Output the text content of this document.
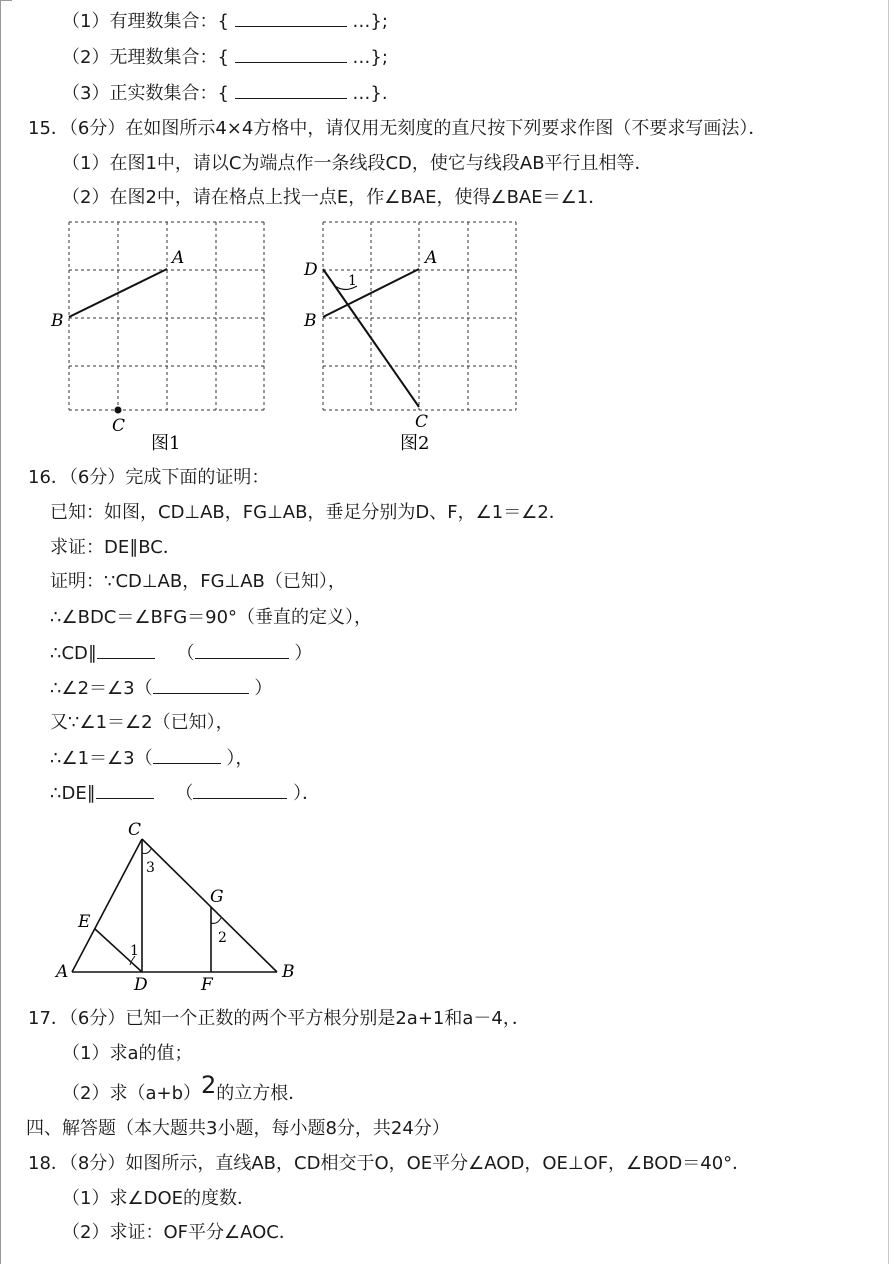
（1）有理数集合：{	…};
（2）无理数集合：{	…};
（3）正实数集合：{	…}.
15．（6分）在如图所示4×4方格中，请仅用无刻度的直尺按下列要求作图（不要求写画法）．
（1）在图1中，请以C为端点作一条线段CD，使它与线段AB平行且相等．
（2）在图2中，请在格点上找一点E，作∠BAE，使得∠BAE＝∠1．
A
B
C
图1
1
A
D
B
C
图2
16．（6分）完成下面的证明：
已知：如图，CD⊥AB，FG⊥AB，垂足分别为D、F，∠1＝∠2．
求证：DE∥BC．
证明：∵CD⊥AB，FG⊥AB（已知），
∴∠BDC＝∠BFG＝90°（垂直的定义），
∴CD∥	（	）
∴∠2＝∠3（	）
又∵∠1＝∠2（已知），
∴∠1＝∠3（	），
∴DE∥	（	）．
C
3
G
2
E
1
A	B
D	F
17．（6分）已知一个正数的两个平方根分别是2a+1和a－4，．
（1）求a的值；
（2）求（a+b）2的立方根．
四、解答题（本大题共3小题，每小题8分，共24分）
18．（8分）如图所示，直线AB，CD相交于O，OE平分∠AOD，OE⊥OF，∠BOD＝40°．
（1）求∠DOE的度数．
（2）求证：OF平分∠AOC．
